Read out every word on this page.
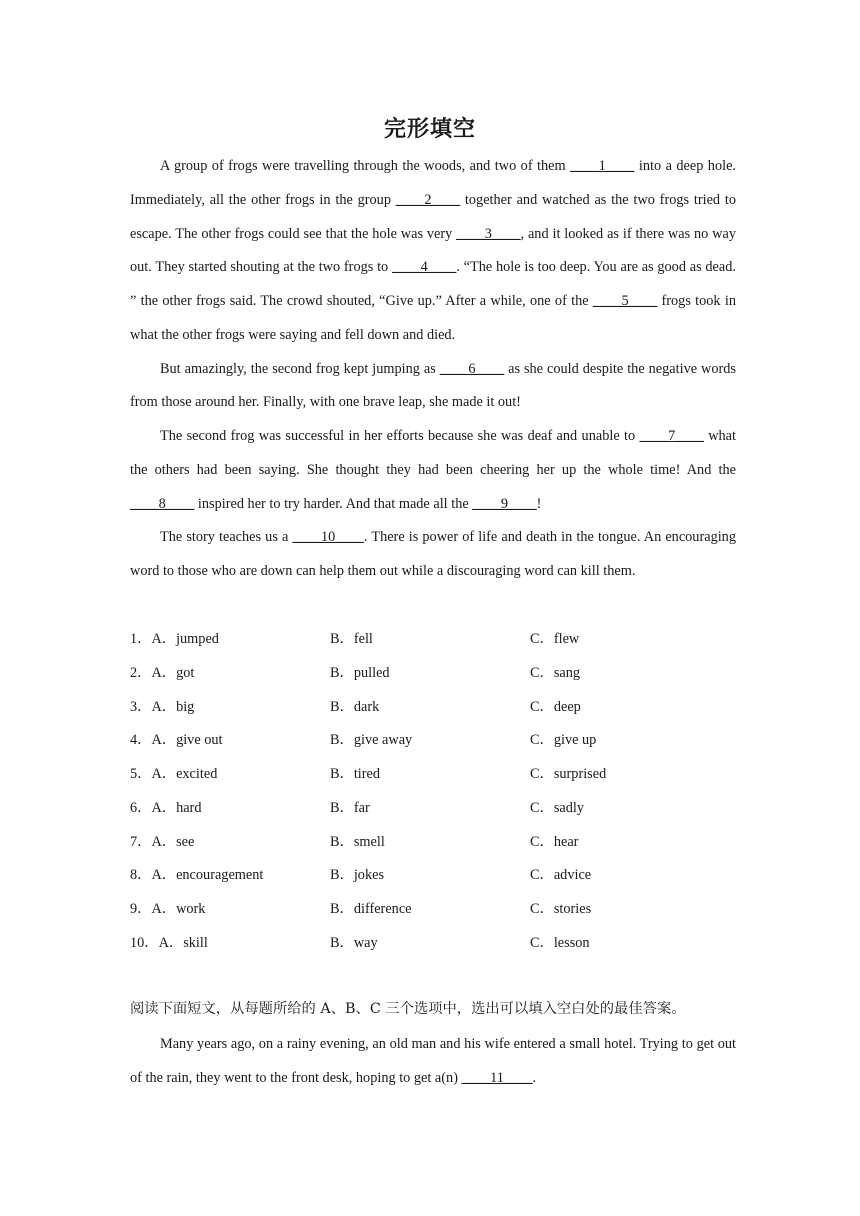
完形填空

A group of frogs were travelling through the woods, and two of them ____1____ into a deep hole. Immediately, all the other frogs in the group ____2____ together and watched as the two frogs tried to escape. The other frogs could see that the hole was very ____3____, and it looked as if there was no way out. They started shouting at the two frogs to ____4____. “The hole is too deep. You are as good as dead. ” the other frogs said. The crowd shouted, “Give up.” After a while, one of the ____5____ frogs took in what the other frogs were saying and fell down and died.

But amazingly, the second frog kept jumping as ____6____ as she could despite the negative words from those around her. Finally, with one brave leap, she made it out!

The second frog was successful in her efforts because she was deaf and unable to ____7____ what the others had been saying. She thought they had been cheering her up the whole time! And the ____8____ inspired her to try harder. And that made all the ____9____!

The story teaches us a ____10____. There is power of life and death in the tongue. An encouraging word to those who are down can help them out while a discouraging word can kill them.

1．A．jumped	B．fell	C．flew
2．A．got	B．pulled	C．sang
3．A．big	B．dark	C．deep
4．A．give out	B．give away	C．give up
5．A．excited	B．tired	C．surprised
6．A．hard	B．far	C．sadly
7．A．see	B．smell	C．hear
8．A．encouragement	B．jokes	C．advice
9．A．work	B．difference	C．stories
10．A．skill	B．way	C．lesson
阅读下面短文，从每题所给的 A、B、C 三个选项中，选出可以填入空白处的最佳答案。

Many years ago, on a rainy evening, an old man and his wife entered a small hotel. Trying to get out of the rain, they went to the front desk, hoping to get a(n) ____11____.
